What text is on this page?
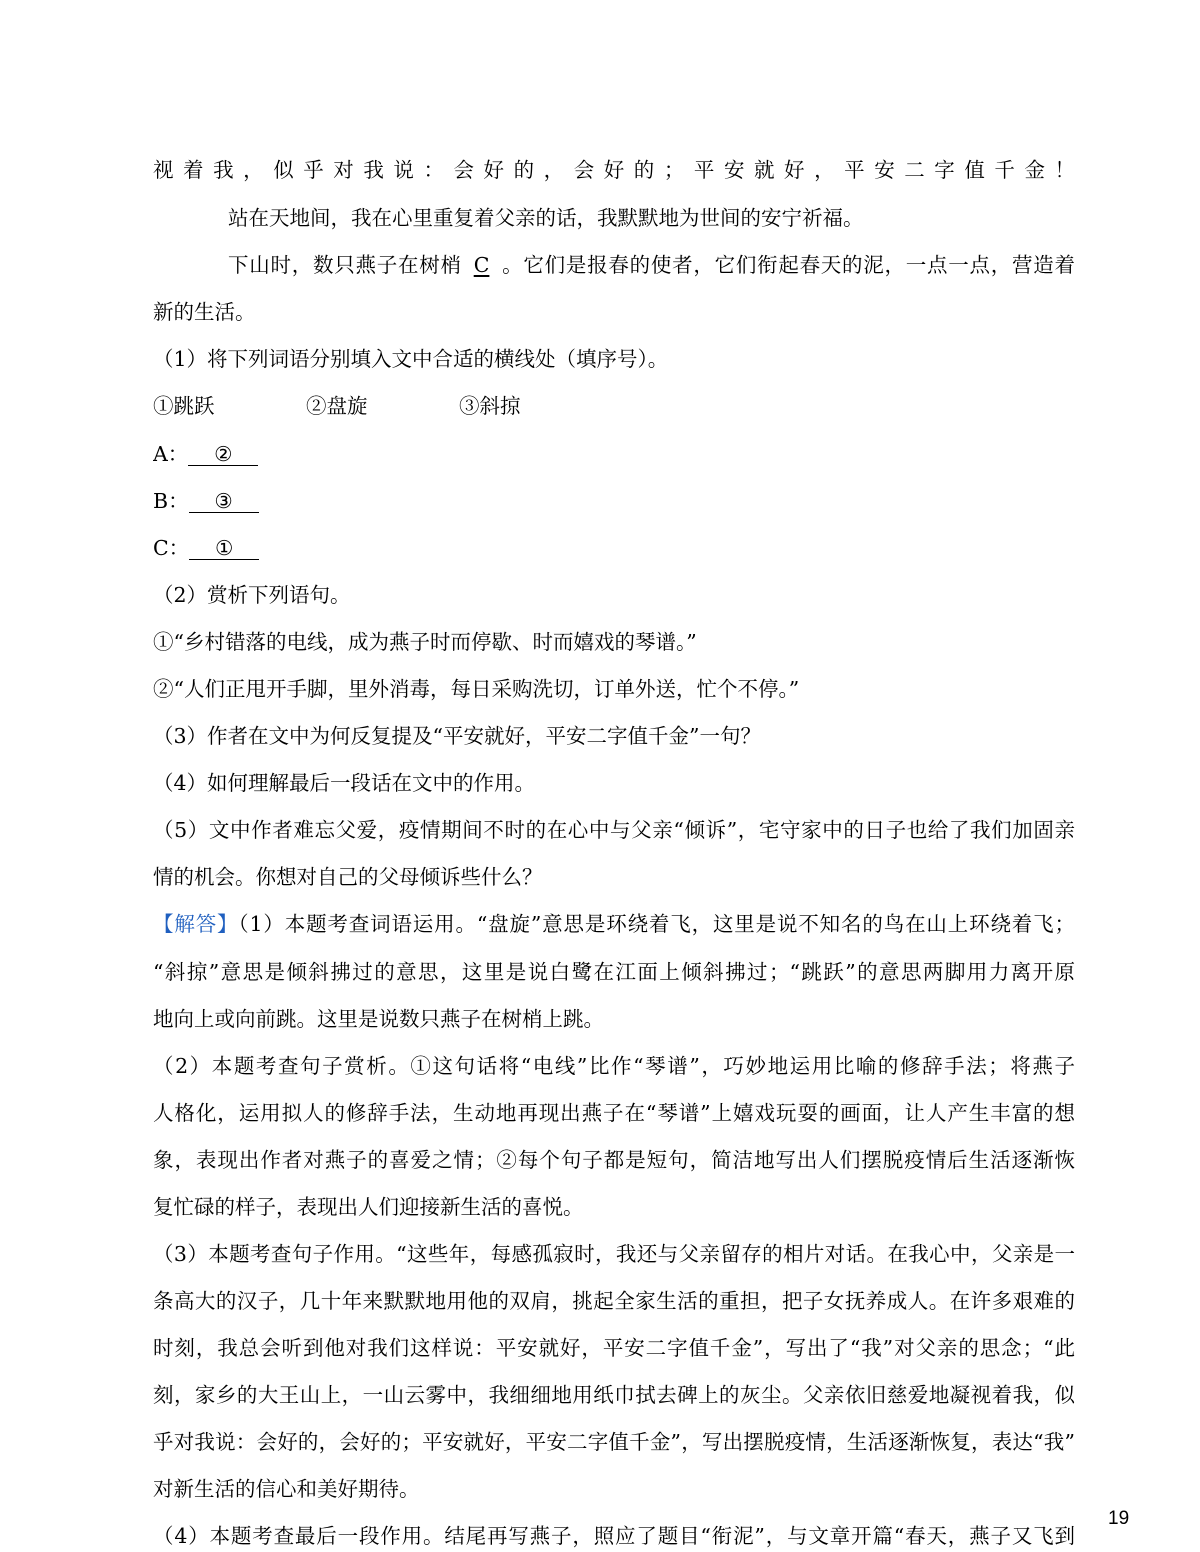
视着我，似乎对我说：会好的，会好的；平安就好，平安二字值千金！
站在天地间，我在心里重复着父亲的话，我默默地为世间的安宁祈福。
下山时，数只燕子在树梢 C 。它们是报春的使者，它们衔起春天的泥，一点一点，营造着
新的生活。
（1）将下列词语分别填入文中合适的横线处（填序号）。
①跳跃	②盘旋	③斜掠
A： ②
B： ③
C： ①
（2）赏析下列语句。
①“乡村错落的电线，成为燕子时而停歇、时而嬉戏的琴谱。”
②“人们正甩开手脚，里外消毒，每日采购洗切，订单外送，忙个不停。”
（3）作者在文中为何反复提及“平安就好，平安二字值千金”一句？
（4）如何理解最后一段话在文中的作用。
（5）文中作者难忘父爱，疫情期间不时的在心中与父亲“倾诉”，宅守家中的日子也给了我们加固亲
情的机会。你想对自己的父母倾诉些什么？
【解答】（1）本题考查词语运用。“盘旋”意思是环绕着飞，这里是说不知名的鸟在山上环绕着飞；
“斜掠”意思是倾斜拂过的意思，这里是说白鹭在江面上倾斜拂过；“跳跃”的意思两脚用力离开原
地向上或向前跳。这里是说数只燕子在树梢上跳。
（2）本题考查句子赏析。①这句话将“电线”比作“琴谱”，巧妙地运用比喻的修辞手法；将燕子
人格化，运用拟人的修辞手法，生动地再现出燕子在“琴谱”上嬉戏玩耍的画面，让人产生丰富的想
象，表现出作者对燕子的喜爱之情；②每个句子都是短句，简洁地写出人们摆脱疫情后生活逐渐恢
复忙碌的样子，表现出人们迎接新生活的喜悦。
（3）本题考查句子作用。“这些年，每感孤寂时，我还与父亲留存的相片对话。在我心中，父亲是一
条高大的汉子，几十年来默默地用他的双肩，挑起全家生活的重担，把子女抚养成人。在许多艰难的
时刻，我总会听到他对我们这样说：平安就好，平安二字值千金”，写出了“我”对父亲的思念；“此
刻，家乡的大王山上，一山云雾中，我细细地用纸巾拭去碑上的灰尘。父亲依旧慈爱地凝视着我，似
乎对我说：会好的，会好的；平安就好，平安二字值千金”，写出摆脱疫情，生活逐渐恢复，表达“我”
对新生活的信心和美好期待。
（4）本题考查最后一段作用。结尾再写燕子，照应了题目“衔泥”，与文章开篇“春天，燕子又飞到
19
